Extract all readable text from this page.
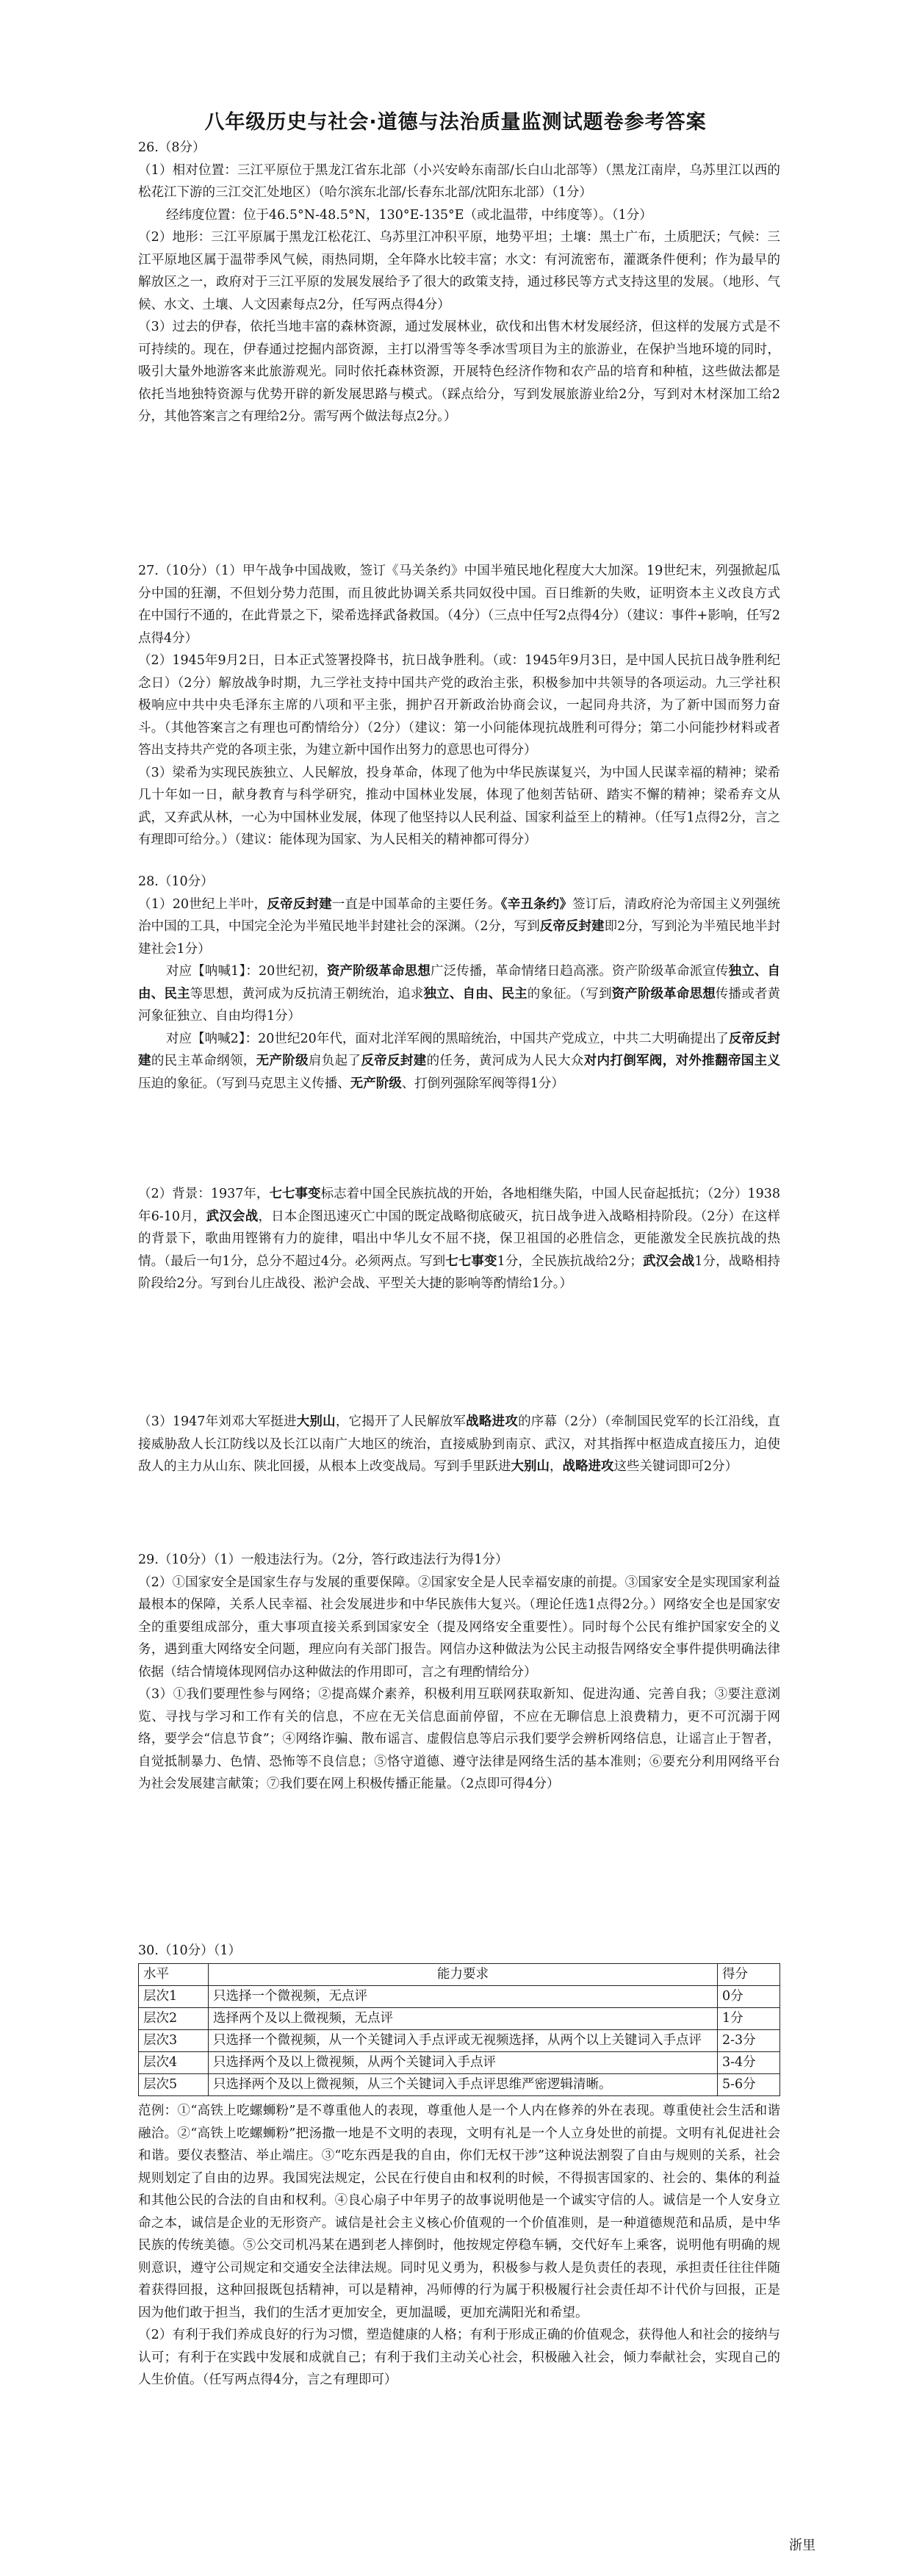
八年级历史与社会·道德与法治质量监测试题卷参考答案

26.（8分）

（1）相对位置：三江平原位于黑龙江省东北部（小兴安岭东南部/长白山北部等）（黑龙江南岸，乌苏里江以西的松花江下游的三江交汇处地区）（哈尔滨东北部/长春东北部/沈阳东北部）（1分）

经纬度位置：位于46.5°N-48.5°N，130°E-135°E（或北温带，中纬度等）。（1分）

（2）地形：三江平原属于黑龙江松花江、乌苏里江冲积平原，地势平坦；土壤：黑土广布，土质肥沃；气候：三江平原地区属于温带季风气候，雨热同期，全年降水比较丰富；水文：有河流密布，灌溉条件便利；作为最早的解放区之一，政府对于三江平原的发展发展给予了很大的政策支持，通过移民等方式支持这里的发展。（地形、气候、水文、土壤、人文因素每点2分，任写两点得4分）

（3）过去的伊春，依托当地丰富的森林资源，通过发展林业，砍伐和出售木材发展经济，但这样的发展方式是不可持续的。现在，伊春通过挖掘内部资源，主打以滑雪等冬季冰雪项目为主的旅游业，在保护当地环境的同时，吸引大量外地游客来此旅游观光。同时依托森林资源，开展特色经济作物和农产品的培育和种植，这些做法都是依托当地独特资源与优势开辟的新发展思路与模式。（踩点给分，写到发展旅游业给2分，写到对木材深加工给2分，其他答案言之有理给2分。需写两个做法每点2分。）

27.（10分）（1）甲午战争中国战败，签订《马关条约》中国半殖民地化程度大大加深。19世纪末，列强掀起瓜分中国的狂潮，不但划分势力范围，而且彼此协调关系共同奴役中国。百日维新的失败，证明资本主义改良方式在中国行不通的，在此背景之下，梁希选择武备救国。（4分）（三点中任写2点得4分）（建议：事件+影响，任写2点得4分）

（2）1945年9月2日，日本正式签署投降书，抗日战争胜利。（或：1945年9月3日，是中国人民抗日战争胜利纪念日）（2分）解放战争时期，九三学社支持中国共产党的政治主张，积极参加中共领导的各项运动。九三学社积极响应中共中央毛泽东主席的八项和平主张，拥护召开新政治协商会议，一起同舟共济，为了新中国而努力奋斗。（其他答案言之有理也可酌情给分）（2分）（建议：第一小问能体现抗战胜利可得分；第二小问能抄材料或者答出支持共产党的各项主张，为建立新中国作出努力的意思也可得分）

（3）梁希为实现民族独立、人民解放，投身革命，体现了他为中华民族谋复兴，为中国人民谋幸福的精神；梁希几十年如一日，献身教育与科学研究，推动中国林业发展，体现了他刻苦钻研、踏实不懈的精神；梁希弃文从武，又弃武从林，一心为中国林业发展，体现了他坚持以人民利益、国家利益至上的精神。（任写1点得2分，言之有理即可给分。）（建议：能体现为国家、为人民相关的精神都可得分）

28.（10分）

（1）20世纪上半叶，反帝反封建一直是中国革命的主要任务。《辛丑条约》签订后，清政府沦为帝国主义列强统治中国的工具，中国完全沦为半殖民地半封建社会的深渊。（2分，写到反帝反封建即2分，写到沦为半殖民地半封建社会1分）

对应【呐喊1】：20世纪初，资产阶级革命思想广泛传播，革命情绪日趋高涨。资产阶级革命派宣传独立、自由、民主等思想，黄河成为反抗清王朝统治，追求独立、自由、民主的象征。（写到资产阶级革命思想传播或者黄河象征独立、自由均得1分）

对应【呐喊2】：20世纪20年代，面对北洋军阀的黑暗统治，中国共产党成立，中共二大明确提出了反帝反封建的民主革命纲领，无产阶级肩负起了反帝反封建的任务，黄河成为人民大众对内打倒军阀，对外推翻帝国主义压迫的象征。（写到马克思主义传播、无产阶级、打倒列强除军阀等得1分）

（2）背景：1937年，七七事变标志着中国全民族抗战的开始，各地相继失陷，中国人民奋起抵抗；（2分）1938年6-10月，武汉会战，日本企图迅速灭亡中国的既定战略彻底破灭，抗日战争进入战略相持阶段。（2分）在这样的背景下，歌曲用铿锵有力的旋律，唱出中华儿女不屈不挠，保卫祖国的必胜信念，更能激发全民族抗战的热情。（最后一句1分，总分不超过4分。必须两点。写到七七事变1分，全民族抗战给2分；武汉会战1分，战略相持阶段给2分。写到台儿庄战役、淞沪会战、平型关大捷的影响等酌情给1分。）

（3）1947年刘邓大军挺进大别山，它揭开了人民解放军战略进攻的序幕（2分）（牵制国民党军的长江沿线，直接威胁敌人长江防线以及长江以南广大地区的统治，直接威胁到南京、武汉，对其指挥中枢造成直接压力，迫使敌人的主力从山东、陕北回援，从根本上改变战局。写到手里跃进大别山，战略进攻这些关键词即可2分）

29.（10分）（1）一般违法行为。（2分，答行政违法行为得1分）

（2）①国家安全是国家生存与发展的重要保障。②国家安全是人民幸福安康的前提。③国家安全是实现国家利益最根本的保障，关系人民幸福、社会发展进步和中华民族伟大复兴。（理论任选1点得2分。）网络安全也是国家安全的重要组成部分，重大事项直接关系到国家安全（提及网络安全重要性）。同时每个公民有维护国家安全的义务，遇到重大网络安全问题，理应向有关部门报告。网信办这种做法为公民主动报告网络安全事件提供明确法律依据（结合情境体现网信办这种做法的作用即可，言之有理酌情给分）

（3）①我们要理性参与网络；②提高媒介素养，积极利用互联网获取新知、促进沟通、完善自我；③要注意浏览、寻找与学习和工作有关的信息，不应在无关信息面前停留，不应在无聊信息上浪费精力，更不可沉溺于网络，要学会“信息节食”；④网络诈骗、散布谣言、虚假信息等启示我们要学会辨析网络信息，让谣言止于智者，自觉抵制暴力、色情、恐怖等不良信息；⑤恪守道德、遵守法律是网络生活的基本准则；⑥要充分利用网络平台为社会发展建言献策；⑦我们要在网上积极传播正能量。（2点即可得4分）

30.（10分）（1）

水平	能力要求	得分
层次1	只选择一个微视频，无点评	0分
层次2	选择两个及以上微视频，无点评	1分
层次3	只选择一个微视频，从一个关键词入手点评或无视频选择，从两个以上关键词入手点评	2-3分
层次4	只选择两个及以上微视频，从两个关键词入手点评	3-4分
层次5	只选择两个及以上微视频，从三个关键词入手点评思维严密逻辑清晰。	5-6分

范例：①“高铁上吃螺蛳粉”是不尊重他人的表现，尊重他人是一个人内在修养的外在表现。尊重使社会生活和谐融洽。②“高铁上吃螺蛳粉”把汤撒一地是不文明的表现，文明有礼是一个人立身处世的前提。文明有礼促进社会和谐。要仪表整洁、举止端庄。③“吃东西是我的自由，你们无权干涉”这种说法割裂了自由与规则的关系，社会规则划定了自由的边界。我国宪法规定，公民在行使自由和权利的时候，不得损害国家的、社会的、集体的利益和其他公民的合法的自由和权利。④良心扇子中年男子的故事说明他是一个诚实守信的人。诚信是一个人安身立命之本，诚信是企业的无形资产。诚信是社会主义核心价值观的一个价值准则，是一种道德规范和品质，是中华民族的传统美德。⑤公交司机冯某在遇到老人摔倒时，他按规定停稳车辆，交代好车上乘客，说明他有明确的规则意识，遵守公司规定和交通安全法律法规。同时见义勇为，积极参与救人是负责任的表现，承担责任往往伴随着获得回报，这种回报既包括精神，可以是精神，冯师傅的行为属于积极履行社会责任却不计代价与回报，正是因为他们敢于担当，我们的生活才更加安全，更加温暖，更加充满阳光和希望。

（2）有利于我们养成良好的行为习惯，塑造健康的人格；有利于形成正确的价值观念，获得他人和社会的接纳与认可；有利于在实践中发展和成就自己；有利于我们主动关心社会，积极融入社会，倾力奉献社会，实现自己的人生价值。（任写两点得4分，言之有理即可）

浙里
